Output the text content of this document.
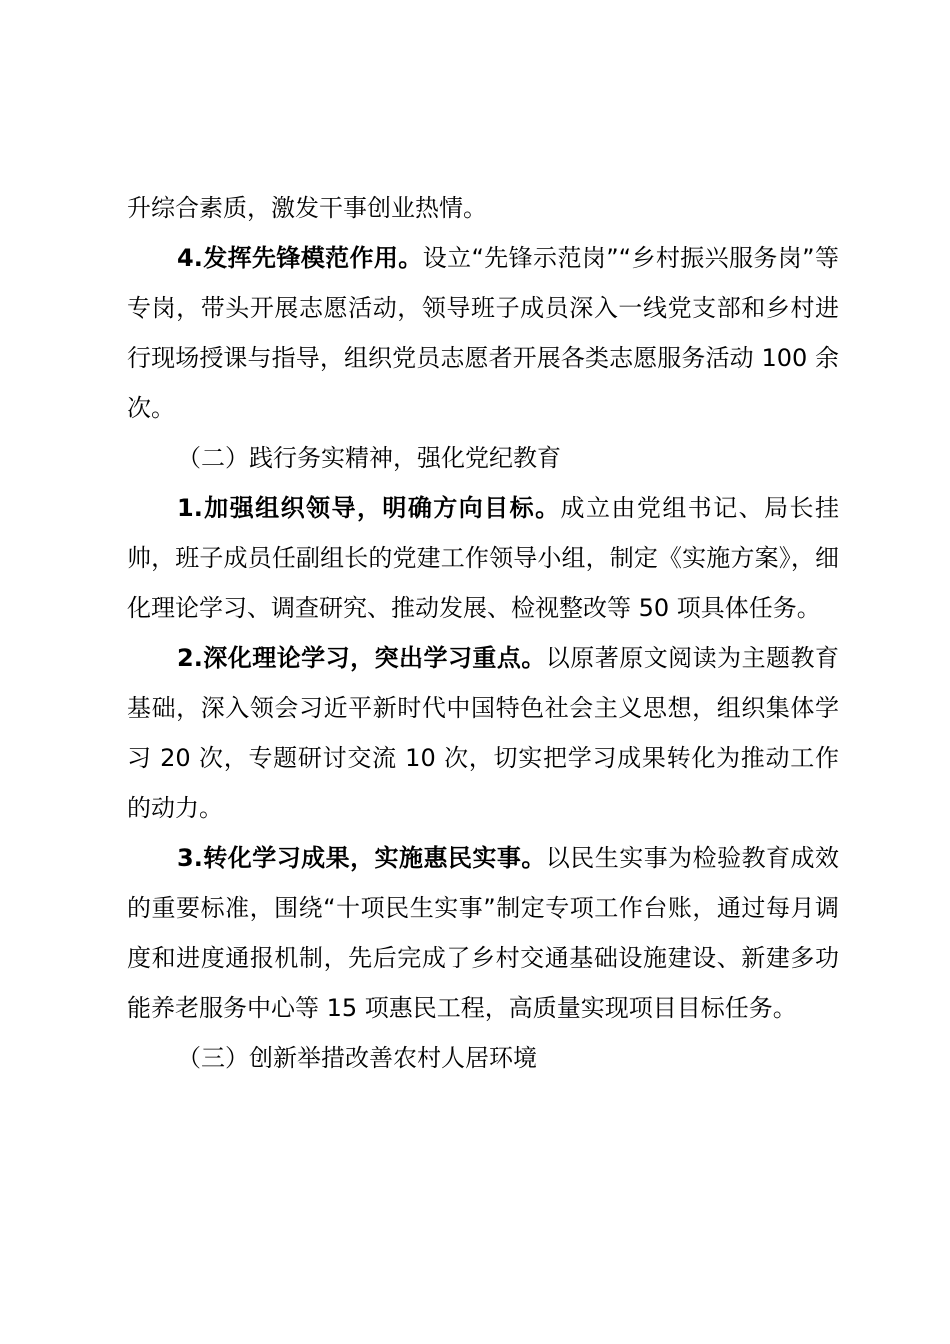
升综合素质，激发干事创业热情。

4.发挥先锋模范作用。设立“先锋示范岗”“乡村振兴服务岗”等专岗，带头开展志愿活动，领导班子成员深入一线党支部和乡村进行现场授课与指导，组织党员志愿者开展各类志愿服务活动 100 余次。

（二）践行务实精神，强化党纪教育

1.加强组织领导，明确方向目标。成立由党组书记、局长挂帅，班子成员任副组长的党建工作领导小组，制定《实施方案》，细化理论学习、调查研究、推动发展、检视整改等 50 项具体任务。

2.深化理论学习，突出学习重点。以原著原文阅读为主题教育基础，深入领会习近平新时代中国特色社会主义思想，组织集体学习 20 次，专题研讨交流 10 次，切实把学习成果转化为推动工作的动力。

3.转化学习成果，实施惠民实事。以民生实事为检验教育成效的重要标准，围绕“十项民生实事”制定专项工作台账，通过每月调度和进度通报机制，先后完成了乡村交通基础设施建设、新建多功能养老服务中心等 15 项惠民工程，高质量实现项目目标任务。

（三）创新举措改善农村人居环境
